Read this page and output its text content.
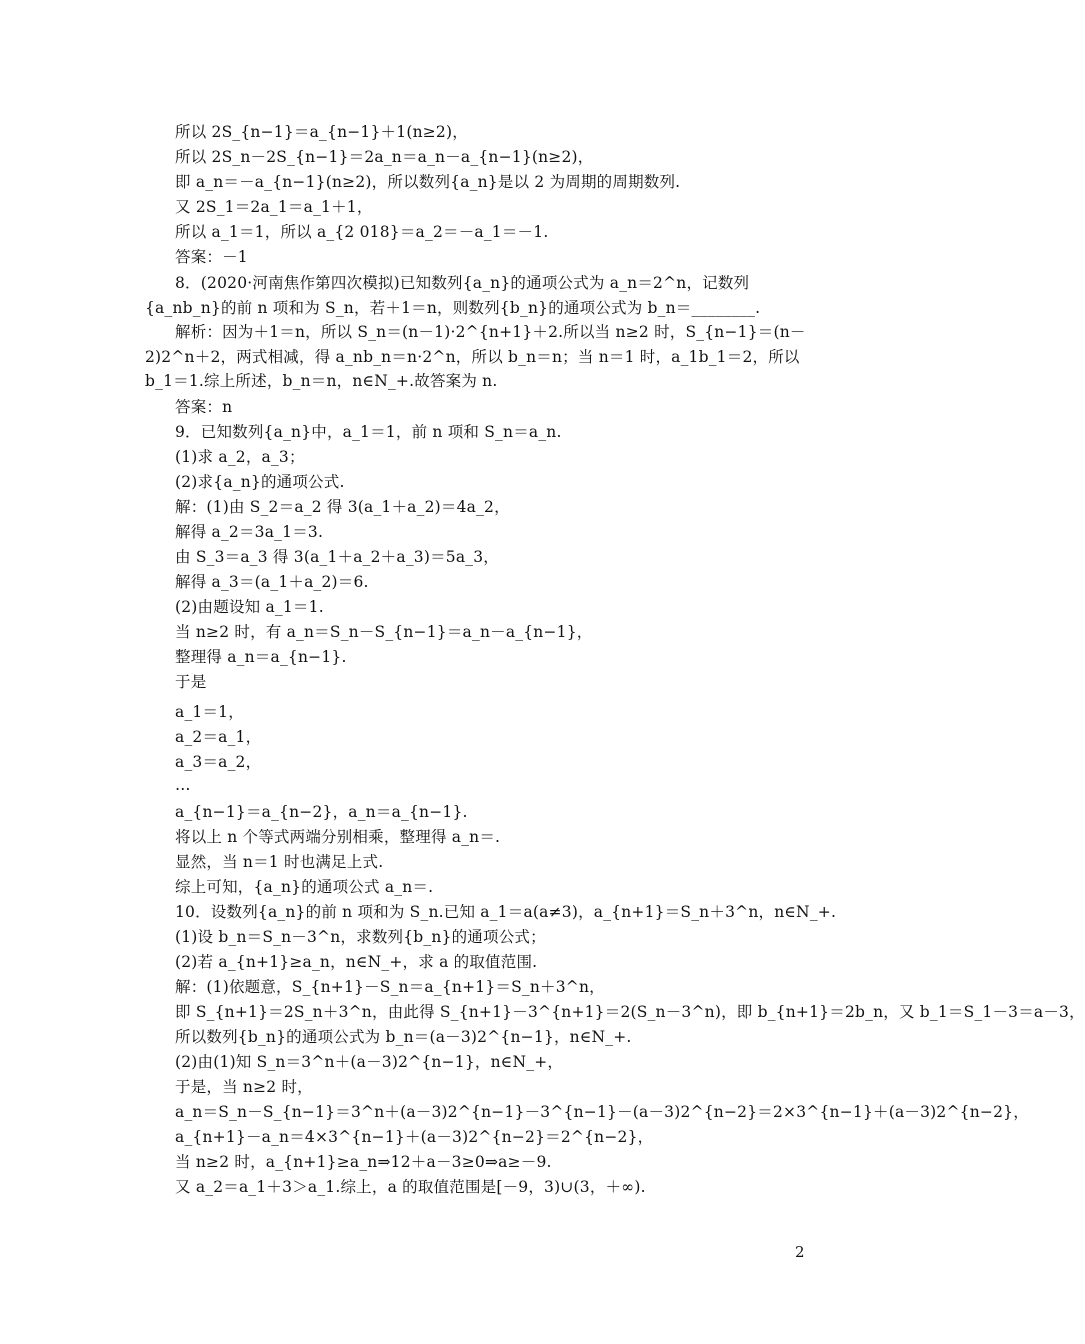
所以 2S_{n−1}＝a_{n−1}＋1(n≥2)，
所以 2S_n－2S_{n−1}＝2a_n＝a_n－a_{n−1}(n≥2)，
即 a_n＝－a_{n−1}(n≥2)，所以数列{a_n}是以 2 为周期的周期数列.
又 2S_1＝2a_1＝a_1＋1，
所以 a_1＝1，所以 a_{2 018}＝a_2＝－a_1＝－1.
答案：－1
8．(2020·河南焦作第四次模拟)已知数列{a_n}的通项公式为 a_n＝2^n，记数列{a_nb_n}的前 n 项和为 S_n，若＋1＝n，则数列{b_n}的通项公式为 b_n＝________.
解析：因为＋1＝n，所以 S_n＝(n－1)·2^{n+1}＋2.所以当 n≥2 时，S_{n−1}＝(n－2)2^n＋2，两式相减，得 a_nb_n＝n·2^n，所以 b_n＝n；当 n＝1 时，a_1b_1＝2，所以 b_1＝1.综上所述，b_n＝n，n∈N_+.故答案为 n.
答案：n
9．已知数列{a_n}中，a_1＝1，前 n 项和 S_n＝a_n.
(1)求 a_2，a_3；
(2)求{a_n}的通项公式.
解：(1)由 S_2＝a_2 得 3(a_1＋a_2)＝4a_2，
解得 a_2＝3a_1＝3.
由 S_3＝a_3 得 3(a_1＋a_2＋a_3)＝5a_3，
解得 a_3＝(a_1＋a_2)＝6.
(2)由题设知 a_1＝1.
当 n≥2 时，有 a_n＝S_n－S_{n−1}＝a_n－a_{n−1}，
整理得 a_n＝a_{n−1}.
于是
a_1＝1，
a_2＝a_1，
a_3＝a_2，
…
a_{n−1}＝a_{n−2}，a_n＝a_{n−1}.
将以上 n 个等式两端分别相乘，整理得 a_n＝.
显然，当 n＝1 时也满足上式.
综上可知，{a_n}的通项公式 a_n＝.
10．设数列{a_n}的前 n 项和为 S_n.已知 a_1＝a(a≠3)，a_{n+1}＝S_n＋3^n，n∈N_+.
(1)设 b_n＝S_n－3^n，求数列{b_n}的通项公式；
(2)若 a_{n+1}≥a_n，n∈N_+，求 a 的取值范围.
解：(1)依题意，S_{n+1}－S_n＝a_{n+1}＝S_n＋3^n，
即 S_{n+1}＝2S_n＋3^n，由此得 S_{n+1}－3^{n+1}＝2(S_n－3^n)，即 b_{n+1}＝2b_n，又 b_1＝S_1－3＝a－3，
所以数列{b_n}的通项公式为 b_n＝(a－3)2^{n−1}，n∈N_+.
(2)由(1)知 S_n＝3^n＋(a－3)2^{n−1}，n∈N_+，
于是，当 n≥2 时，
a_n＝S_n－S_{n−1}＝3^n＋(a－3)2^{n−1}－3^{n−1}－(a－3)2^{n−2}＝2×3^{n−1}＋(a－3)2^{n−2}，
a_{n+1}－a_n＝4×3^{n−1}＋(a－3)2^{n−2}＝2^{n−2}，
当 n≥2 时，a_{n+1}≥a_n⇒12＋a－3≥0⇒a≥－9.
又 a_2＝a_1＋3＞a_1.综上，a 的取值范围是[－9，3)∪(3，＋∞).
2
